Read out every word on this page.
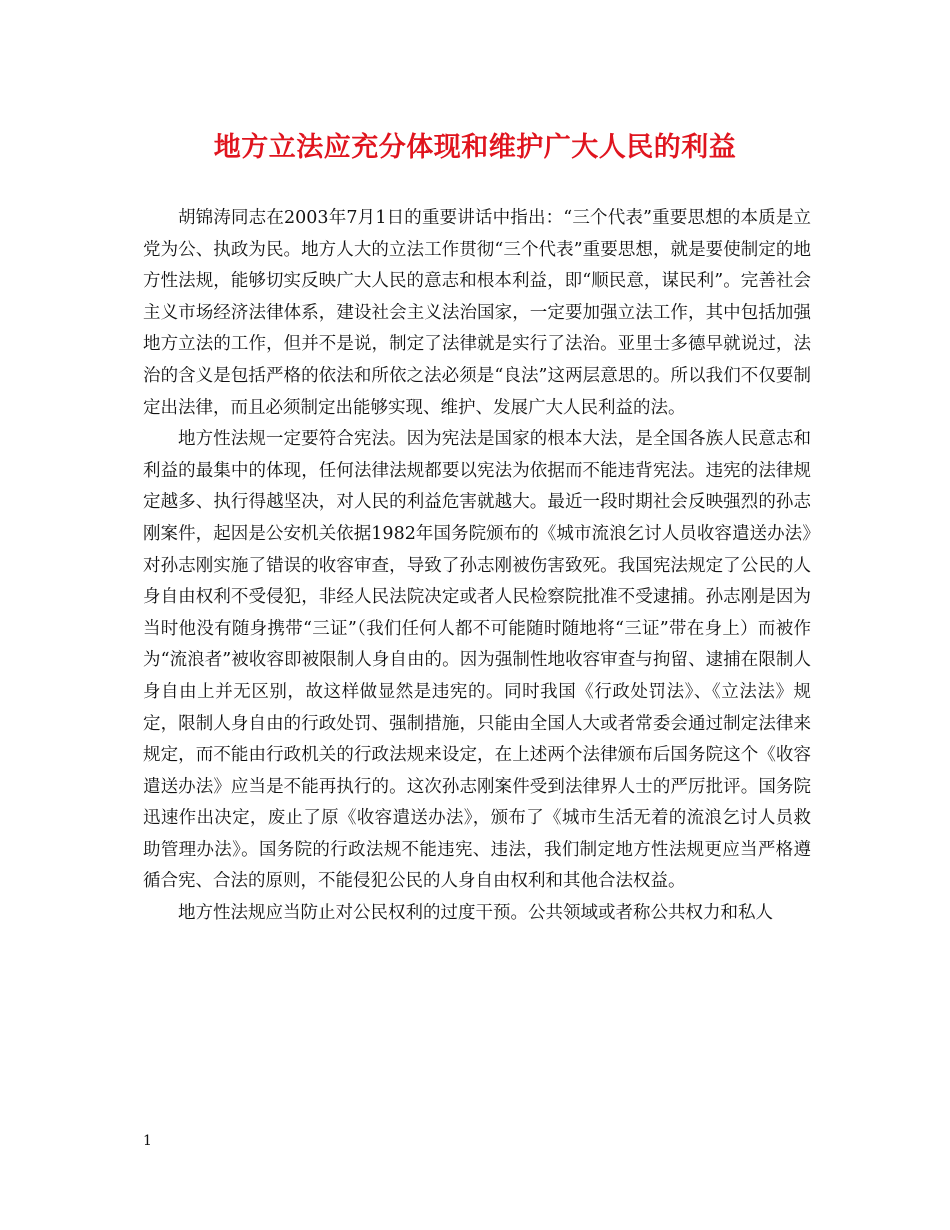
地方立法应充分体现和维护广大人民的利益

胡锦涛同志在2003年7月1日的重要讲话中指出：“三个代表”重要思想的本质是立党为公、执政为民。地方人大的立法工作贯彻“三个代表”重要思想，就是要使制定的地方性法规，能够切实反映广大人民的意志和根本利益，即“顺民意，谋民利”。完善社会主义市场经济法律体系，建设社会主义法治国家，一定要加强立法工作，其中包括加强地方立法的工作，但并不是说，制定了法律就是实行了法治。亚里士多德早就说过，法治的含义是包括严格的依法和所依之法必须是“良法”这两层意思的。所以我们不仅要制定出法律，而且必须制定出能够实现、维护、发展广大人民利益的法。

地方性法规一定要符合宪法。因为宪法是国家的根本大法，是全国各族人民意志和利益的最集中的体现，任何法律法规都要以宪法为依据而不能违背宪法。违宪的法律规定越多、执行得越坚决，对人民的利益危害就越大。最近一段时期社会反映强烈的孙志刚案件，起因是公安机关依据1982年国务院颁布的《城市流浪乞讨人员收容遣送办法》对孙志刚实施了错误的收容审查，导致了孙志刚被伤害致死。我国宪法规定了公民的人身自由权利不受侵犯，非经人民法院决定或者人民检察院批准不受逮捕。孙志刚是因为当时他没有随身携带“三证”（我们任何人都不可能随时随地将“三证”带在身上）而被作为“流浪者”被收容即被限制人身自由的。因为强制性地收容审查与拘留、逮捕在限制人身自由上并无区别，故这样做显然是违宪的。同时我国《行政处罚法》、《立法法》规定，限制人身自由的行政处罚、强制措施，只能由全国人大或者常委会通过制定法律来规定，而不能由行政机关的行政法规来设定，在上述两个法律颁布后国务院这个《收容遣送办法》应当是不能再执行的。这次孙志刚案件受到法律界人士的严厉批评。国务院迅速作出决定，废止了原《收容遣送办法》，颁布了《城市生活无着的流浪乞讨人员救助管理办法》。国务院的行政法规不能违宪、违法，我们制定地方性法规更应当严格遵循合宪、合法的原则，不能侵犯公民的人身自由权利和其他合法权益。

地方性法规应当防止对公民权利的过度干预。公共领域或者称公共权力和私人

1
